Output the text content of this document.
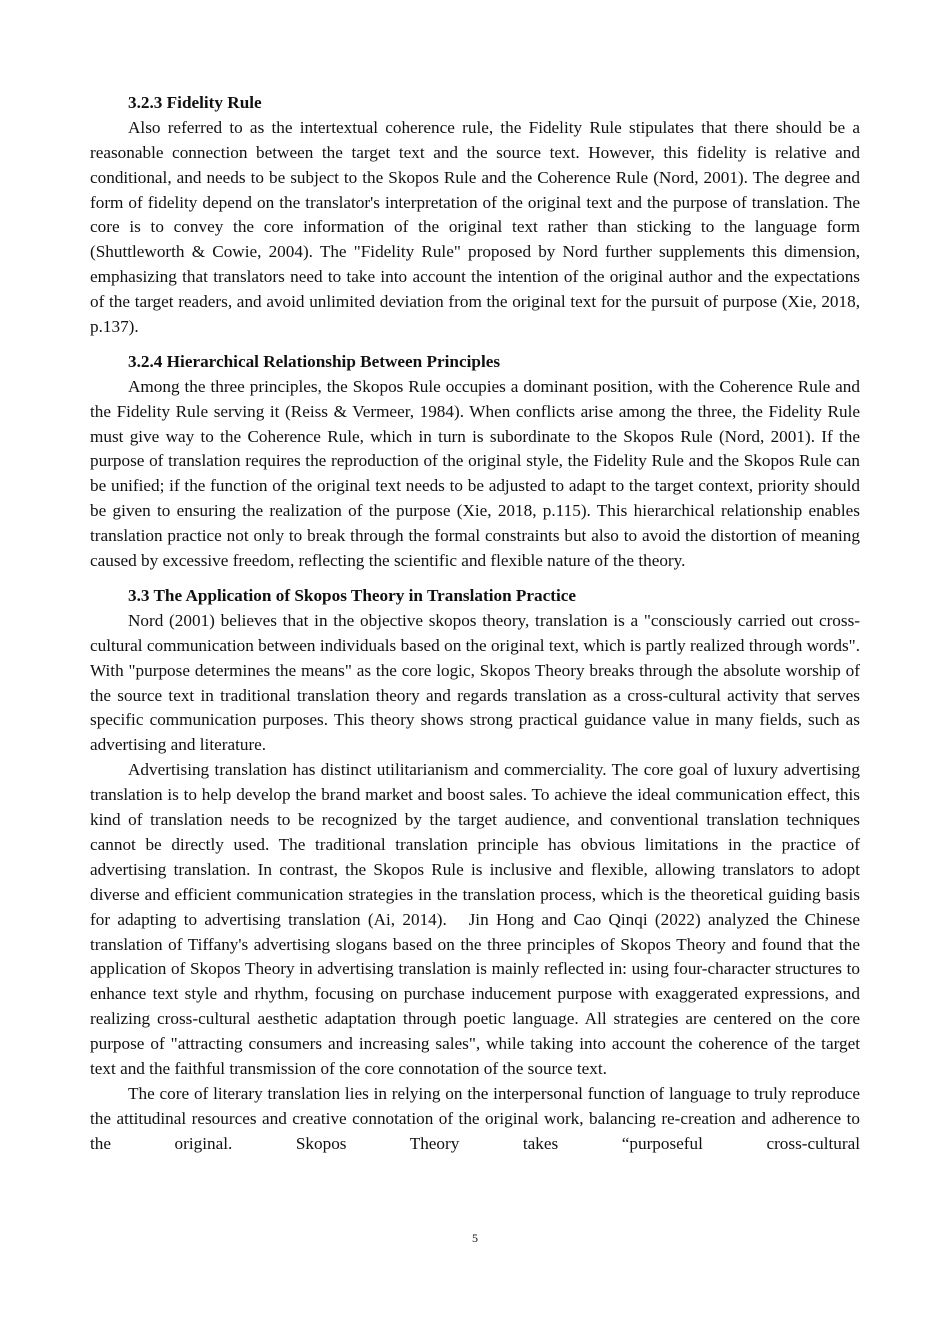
3.2.3 Fidelity Rule

Also referred to as the intertextual coherence rule, the Fidelity Rule stipulates that there should be a reasonable connection between the target text and the source text. However, this fidelity is relative and conditional, and needs to be subject to the Skopos Rule and the Coherence Rule (Nord, 2001). The degree and form of fidelity depend on the translator's interpretation of the original text and the purpose of translation. The core is to convey the core information of the original text rather than sticking to the language form (Shuttleworth & Cowie, 2004). The "Fidelity Rule" proposed by Nord further supplements this dimension, emphasizing that translators need to take into account the intention of the original author and the expectations of the target readers, and avoid unlimited deviation from the original text for the pursuit of purpose (Xie, 2018, p.137).

3.2.4 Hierarchical Relationship Between Principles

Among the three principles, the Skopos Rule occupies a dominant position, with the Coherence Rule and the Fidelity Rule serving it (Reiss & Vermeer, 1984). When conflicts arise among the three, the Fidelity Rule must give way to the Coherence Rule, which in turn is subordinate to the Skopos Rule (Nord, 2001). If the purpose of translation requires the reproduction of the original style, the Fidelity Rule and the Skopos Rule can be unified; if the function of the original text needs to be adjusted to adapt to the target context, priority should be given to ensuring the realization of the purpose (Xie, 2018, p.115). This hierarchical relationship enables translation practice not only to break through the formal constraints but also to avoid the distortion of meaning caused by excessive freedom, reflecting the scientific and flexible nature of the theory.

3.3 The Application of Skopos Theory in Translation Practice

Nord (2001) believes that in the objective skopos theory, translation is a "consciously carried out cross-cultural communication between individuals based on the original text, which is partly realized through words". With "purpose determines the means" as the core logic, Skopos Theory breaks through the absolute worship of the source text in traditional translation theory and regards translation as a cross-cultural activity that serves specific communication purposes. This theory shows strong practical guidance value in many fields, such as advertising and literature.

Advertising translation has distinct utilitarianism and commerciality. The core goal of luxury advertising translation is to help develop the brand market and boost sales. To achieve the ideal communication effect, this kind of translation needs to be recognized by the target audience, and conventional translation techniques cannot be directly used. The traditional translation principle has obvious limitations in the practice of advertising translation. In contrast, the Skopos Rule is inclusive and flexible, allowing translators to adopt diverse and efficient communication strategies in the translation process, which is the theoretical guiding basis for adapting to advertising translation (Ai, 2014).   Jin Hong and Cao Qinqi (2022) analyzed the Chinese translation of Tiffany's advertising slogans based on the three principles of Skopos Theory and found that the application of Skopos Theory in advertising translation is mainly reflected in: using four-character structures to enhance text style and rhythm, focusing on purchase inducement purpose with exaggerated expressions, and realizing cross-cultural aesthetic adaptation through poetic language. All strategies are centered on the core purpose of "attracting consumers and increasing sales", while taking into account the coherence of the target text and the faithful transmission of the core connotation of the source text.

The core of literary translation lies in relying on the interpersonal function of language to truly reproduce the attitudinal resources and creative connotation of the original work, balancing re-creation and adherence to the original. Skopos Theory takes “purposeful cross-cultural

5
